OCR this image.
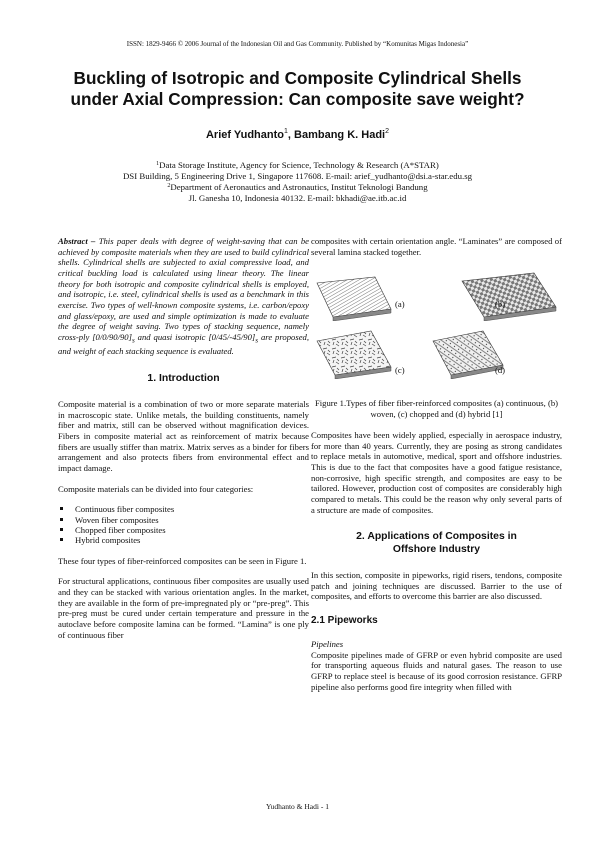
ISSN: 1829-9466 © 2006 Journal of the Indonesian Oil and Gas Community. Published by “Komunitas Migas Indonesia”
Buckling of Isotropic and Composite Cylindrical Shells
under Axial Compression: Can composite save weight?
Arief Yudhanto$^1$, Bambang K. Hadi$^2$
$^1$Data Storage Institute, Agency for Science, Technology & Research (A*STAR)
DSI Building, 5 Engineering Drive 1, Singapore 117608. E-mail: arief_yudhanto@dsi.a-star.edu.sg
$^2$Department of Aeronautics and Astronautics, Institut Teknologi Bandung
Jl. Ganesha 10, Indonesia 40132. E-mail: bkhadi@ae.itb.ac.id

Abstract – This paper deals with degree of weight-saving that can be achieved by composite materials when they are used to build cylindrical shells. Cylindrical shells are subjected to axial compressive load, and critical buckling load is calculated using linear theory. The linear theory for both isotropic and composite cylindrical shells is employed, and isotropic, i.e. steel, cylindrical shells is used as a benchmark in this exercise. Two types of well-known composite systems, i.e. carbon/epoxy and glass/epoxy, are used and simple optimization is made to evaluate the degree of weight saving. Two types of stacking sequence, namely cross-ply $[0/0/90/90]_s$ and quasi isotropic $[0/45/-45/90]_s$ are proposed, and weight of each stacking sequence is evaluated.

1. Introduction

Composite material is a combination of two or more separate materials in macroscopic state. Unlike metals, the building constituents, namely fiber and matrix, still can be observed without magnification devices. Fibers in composite material act as reinforcement of matrix because fibers are usually stiffer than matrix. Matrix serves as a binder for fibers arrangement and also protects fibers from environmental effect and impact damage.

Composite materials can be divided into four categories:

Continuous fiber composites
Woven fiber composites
Chopped fiber composites
Hybrid composites

These four types of fiber-reinforced composites can be seen in Figure 1.

For structural applications, continuous fiber composites are usually used and they can be stacked with various orientation angles. In the market, they are available in the form of pre-impregnated ply or “pre-preg”. This pre-preg must be cured under certain temperature and pressure in the autoclave before composite lamina can be formed. “Lamina” is one ply of continuous fiber

composites with certain orientation angle. “Laminates” are composed of several lamina stacked together.

(a)	(b)
(c)	(d)

Figure 1.Types of fiber fiber-reinforced composites (a) continuous, (b) woven, (c) chopped and (d) hybrid [1]

Composites have been widely applied, especially in aerospace industry, for more than 40 years. Currently, they are posing as strong candidates to replace metals in automotive, medical, sport and offshore industries. This is due to the fact that composites have a good fatigue resistance, non-corrosive, high specific strength, and composites are easy to be tailored. However, production cost of composites are considerably high compared to metals. This could be the reason why only several parts of a structure are made of composites.

2. Applications of Composites in
Offshore Industry

In this section, composite in pipeworks, rigid risers, tendons, composite patch and joining techniques are discussed. Barrier to the use of composites, and efforts to overcome this barrier are also discussed.

2.1 Pipeworks

Pipelines

Composite pipelines made of GFRP or even hybrid composite are used for transporting aqueous fluids and natural gases. The reason to use GFRP to replace steel is because of its good corrosion resistance. GFRP pipeline also performs good fire integrity when filled with

Yudhanto & Hadi - 1
